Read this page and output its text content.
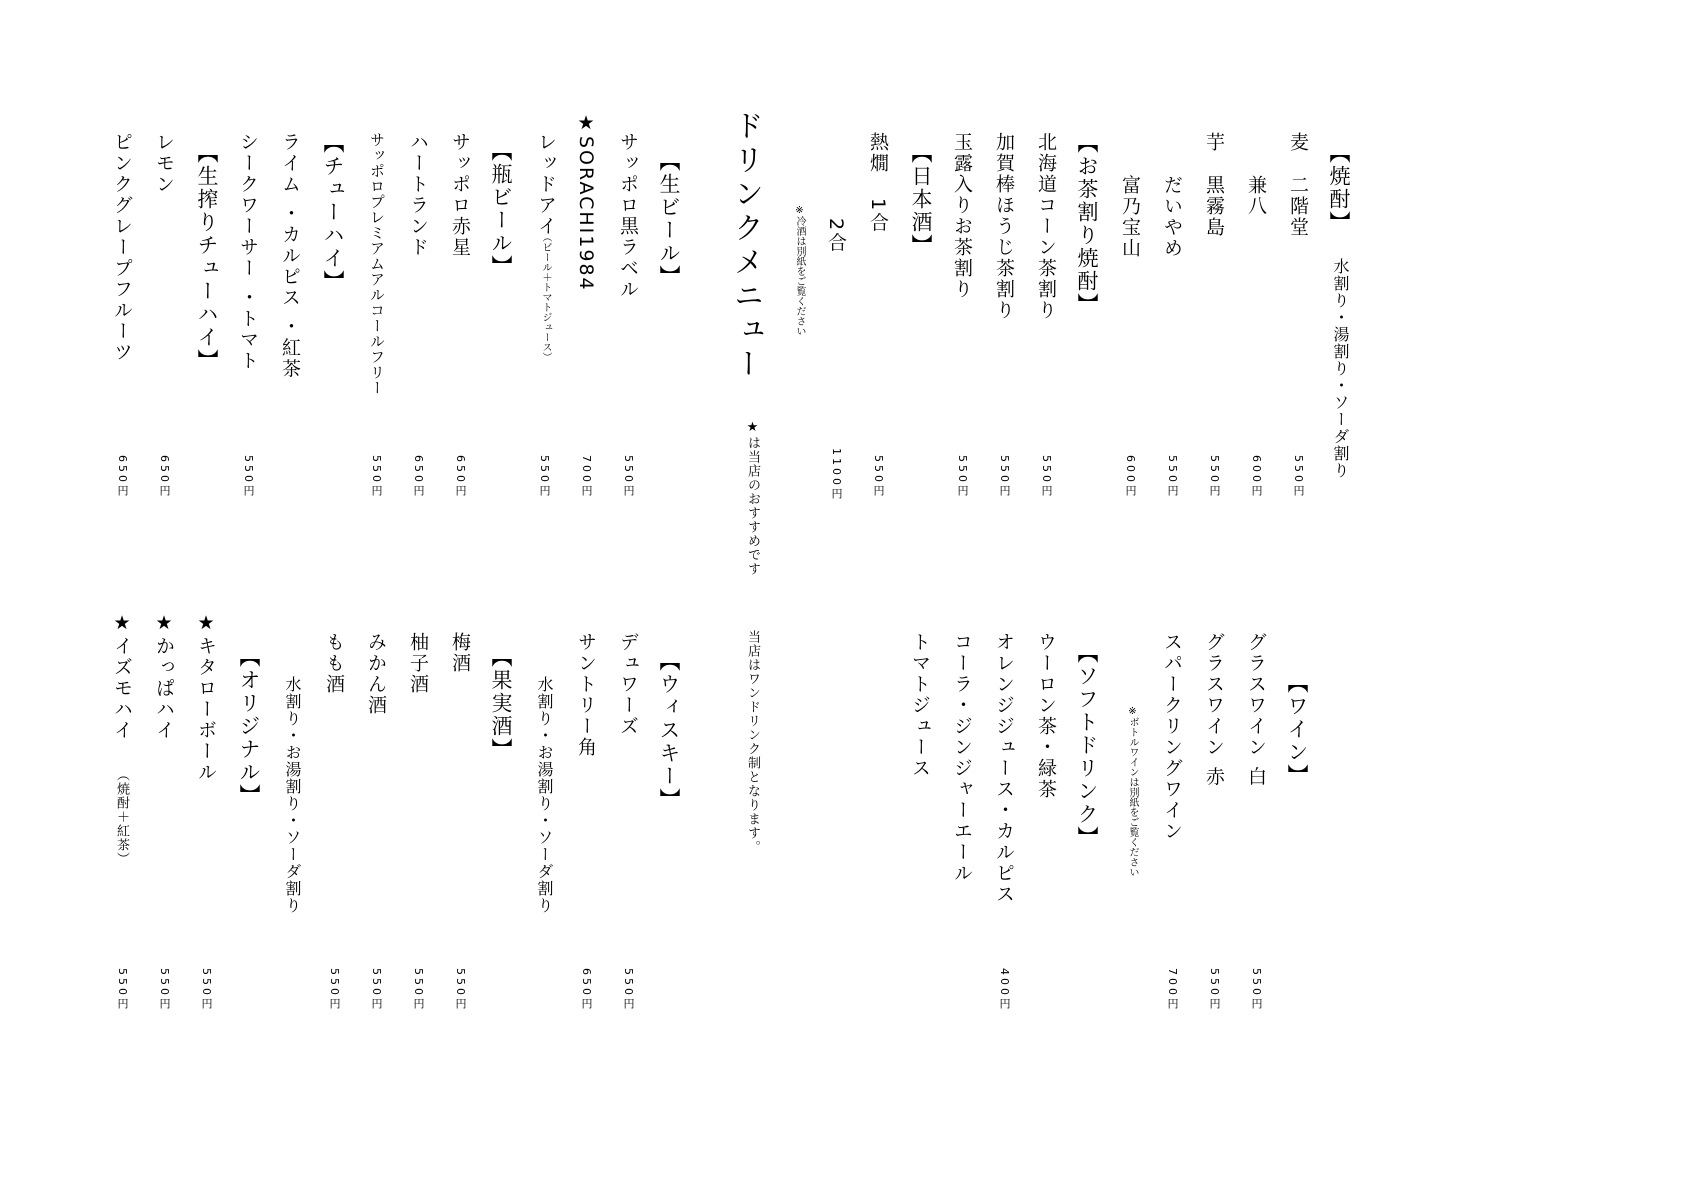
ドリンクメニュー
★は当店のおすすめです
当店はワンドリンク制となります。
【焼酎】
水割り・湯割り・ソーダ割り
麦
二階堂
550円
兼八
600円
芋
黒霧島
550円
だいやめ
550円
富乃宝山
600円
【お茶割り焼酎】
北海道コーン茶割り
550円
加賀棒ほうじ茶割り
550円
玉露入りお茶割り
550円
【日本酒】
熱燗
1合
550円
2合
1100円
※冷酒は別紙をご覧ください
【生ビール】
サッポロ黒ラベル
550円
★SORACHI1984
700円
レッドアイ
（ビール＋トマトジュース）
550円
【瓶ビール】
サッポロ赤星
650円
ハートランド
650円
サッポロプレミアムアルコールフリー
550円
【チューハイ】
ライム ・カルピス ・紅茶
シークワーサー ・トマト
550円
【生搾りチューハイ】
レモン
650円
ピンクグレープフルーツ
650円
【ワイン】
グラスワイン 白
550円
グラスワイン 赤
550円
スパークリングワイン
700円
※ボトルワインは別紙をご覧ください
【ソフトドリンク】
ウーロン茶・緑茶
オレンジジュース・カルピス
400円
コーラ・ジンジャーエール
トマトジュース
【ウィスキー】
デュワーズ
550円
サントリー角
650円
水割り・お湯割り・ソーダ割り
【果実酒】
梅酒
550円
柚子酒
550円
みかん酒
550円
もも酒
550円
水割り・お湯割り・ソーダ割り
【オリジナル】
★キタローボール
550円
★かっぱハイ
550円
★イズモハイ
（焼酎＋紅茶）
550円
